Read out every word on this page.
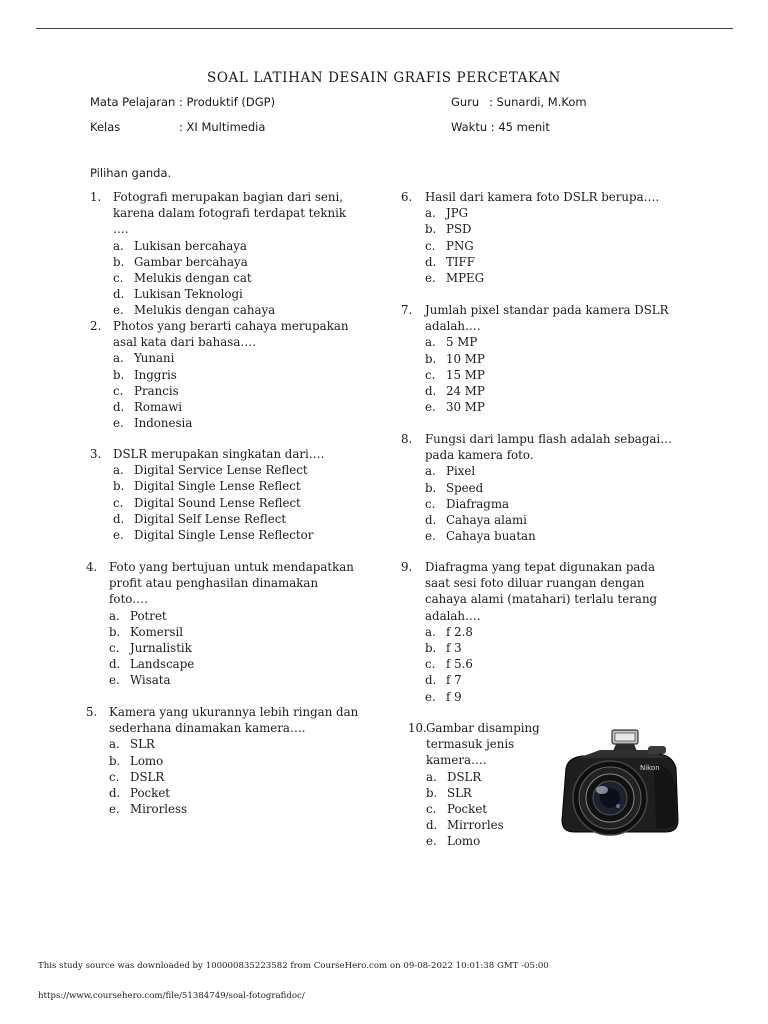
SOAL LATIHAN DESAIN GRAFIS PERCETAKAN
Mata Pelajaran : Produktif (DGP)	Guru : Sunardi, M.Kom
Kelas	: XI Multimedia	Waktu : 45 menit
Pilihan ganda.
1. Fotografi merupakan bagian dari seni,
karena dalam fotografi terdapat teknik
….
a. Lukisan bercahaya
b. Gambar bercahaya
c. Melukis dengan cat
d. Lukisan Teknologi
e. Melukis dengan cahaya
2. Photos yang berarti cahaya merupakan
asal kata dari bahasa….
a. Yunani
b. Inggris
c. Prancis
d. Romawi
e. Indonesia
3. DSLR merupakan singkatan dari….
a. Digital Service Lense Reflect
b. Digital Single Lense Reflect
c. Digital Sound Lense Reflect
d. Digital Self Lense Reflect
e. Digital Single Lense Reflector
4. Foto yang bertujuan untuk mendapatkan
profit atau penghasilan dinamakan
foto….
a. Potret
b. Komersil
c. Jurnalistik
d. Landscape
e. Wisata
5. Kamera yang ukurannya lebih ringan dan
sederhana dinamakan kamera….
a. SLR
b. Lomo
c. DSLR
d. Pocket
e. Mirorless
6.	Hasil dari kamera foto DSLR berupa….
a. JPG
b. PSD
c. PNG
d. TIFF
e. MPEG
7.	Jumlah pixel standar pada kamera DSLR
adalah….
a. 5 MP
b. 10 MP
c. 15 MP
d. 24 MP
e. 30 MP
8.	Fungsi dari lampu flash adalah sebagai…
pada kamera foto.
a. Pixel
b. Speed
c. Diafragma
d. Cahaya alami
e. Cahaya buatan
9.	Diafragma yang tepat digunakan pada
saat sesi foto diluar ruangan dengan
cahaya alami (matahari) terlalu terang
adalah….
a. f 2.8
b. f 3
c. f 5.6
d. f 7
e. f 9
10. Gambar disamping
termasuk jenis
kamera….
a. DSLR
b. SLR
c. Pocket
d. Mirrorles
e. Lomo
Nikon
This study source was downloaded by 100000835223582 from CourseHero.com on 09-08-2022 10:01:38 GMT -05:00
https://www.coursehero.com/file/51384749/soal-fotografidoc/
